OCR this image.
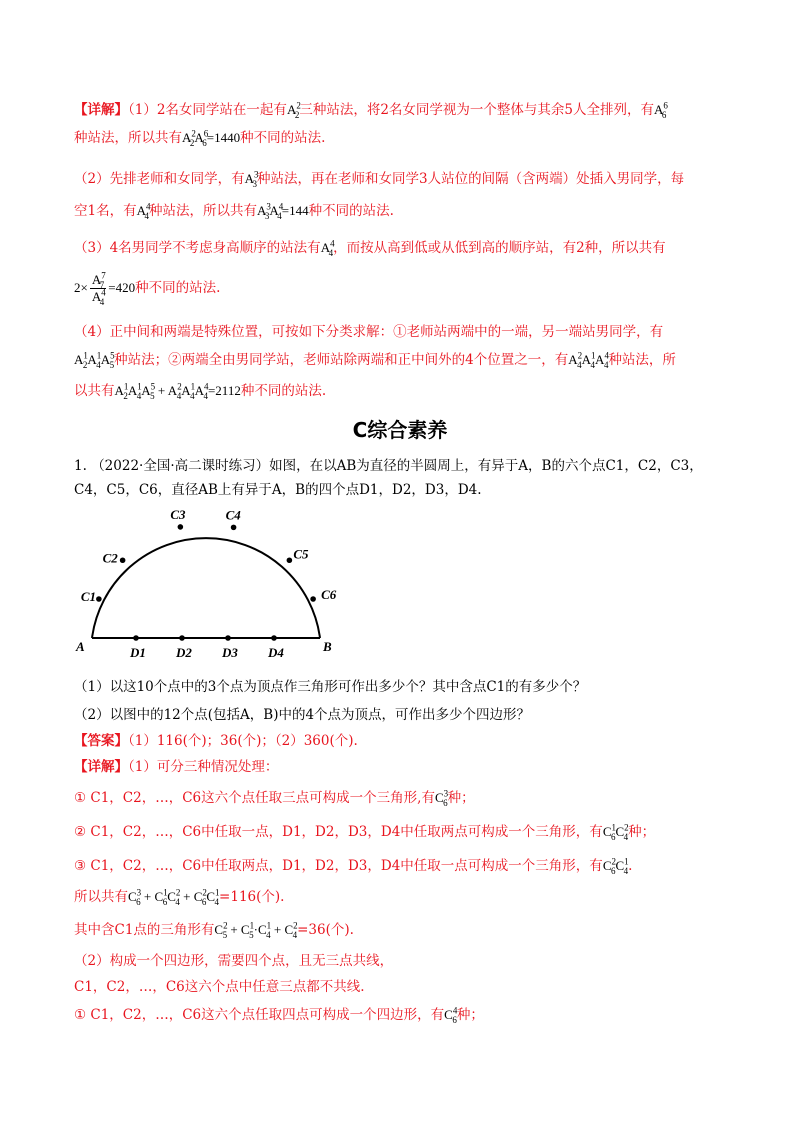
【详解】（1）2名女同学站在一起有$A^2_2$三种站法，将2名女同学视为一个整体与其余5人全排列，有$A^6_6$
种站法，所以共有$A^2_2A^6_6=1440$种不同的站法.
（2）先排老师和女同学，有$A^3_3$种站法，再在老师和女同学3人站位的间隔（含两端）处插入男同学，每
空1名，有$A^4_4$种站法，所以共有$A^3_3A^4_4=144$种不同的站法.
（3）4名男同学不考虑身高顺序的站法有$A^4_4$，而按从高到低或从低到高的顺序站，有2种，所以共有
$2\times \frac{A^7_7}{A^4_4} =420$种不同的站法.
（4）正中间和两端是特殊位置，可按如下分类求解：①老师站两端中的一端，另一端站男同学，有
$A^1_2A^1_4A^5_5$种站法；②两端全由男同学站，老师站除两端和正中间外的4个位置之一，有$A^2_4A^1_4A^4_4$种站法，所
以共有$A^1_2A^1_4A^5_5 + A^2_4A^1_4A^4_4=2112$种不同的站法.
C综合素养
1. （2022·全国·高二课时练习）如图，在以AB为直径的半圆周上，有异于A，B的六个点C1，C2，C3，
C4，C5，C6，直径AB上有异于A，B的四个点D1，D2，D3，D4.
C1
C2
C3	C4
C5
C6
D1 D2 D3 D4
A	B
（1）以这10个点中的3个点为顶点作三角形可作出多少个？其中含点C1的有多少个？
（2）以图中的12个点(包括A，B)中的4个点为顶点，可作出多少个四边形？
【答案】（1）116(个)；36(个)；（2）360(个).
【详解】（1）可分三种情况处理：
① C1，C2，…，C6这六个点任取三点可构成一个三角形,有$C^3_6$种；
② C1，C2，…，C6中任取一点，D1，D2，D3，D4中任取两点可构成一个三角形，有$C^1_6C^2_4$种；
③ C1，C2，…，C6中任取两点，D1，D2，D3，D4中任取一点可构成一个三角形，有$C^2_6C^1_4$.
所以共有$C^3_6 + C^1_6C^2_4 + C^2_6C^1_4=116$(个).
其中含C1点的三角形有$C^2_5 + C^1_5\cdot C^1_4 + C^2_4=36$(个).
（2）构成一个四边形，需要四个点，且无三点共线，
C1，C2，…，C6这六个点中任意三点都不共线.
① C1，C2，…，C6这六个点任取四点可构成一个四边形，有$C^4_6$种；
